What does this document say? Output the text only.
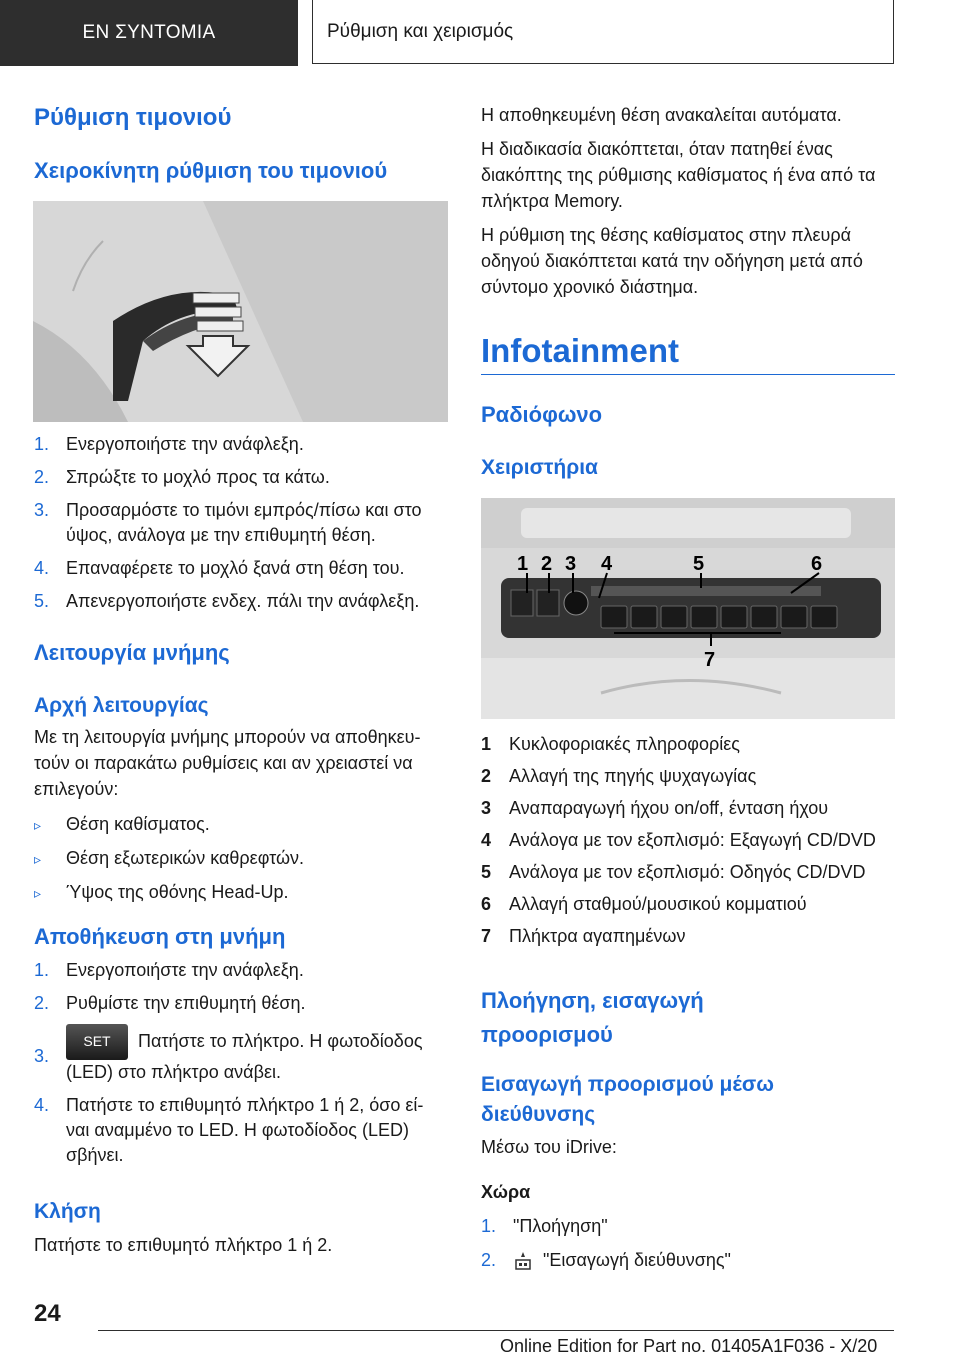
ΕΝ ΣΥΝΤΟΜΙΑ	Ρύθμιση και χειρισμός
Ρύθμιση τιμονιού
Χειροκίνητη ρύθμιση του τιμονιού
1. Ενεργοποιήστε την ανάφλεξη.
2. Σπρώξτε το μοχλό προς τα κάτω.
3. Προσαρμόστε το τιμόνι εμπρός/πίσω και στο ύψος, ανάλογα με την επιθυμητή θέση.
4. Επαναφέρετε το μοχλό ξανά στη θέση του.
5. Απενεργοποιήστε ενδεχ. πάλι την ανάφλεξη.
Λειτουργία μνήμης
Αρχή λειτουργίας
Με τη λειτουργία μνήμης μπορούν να αποθηκευ- τούν οι παρακάτω ρυθμίσεις και αν χρειαστεί να επιλεγούν:
▹ Θέση καθίσματος.
▹ Θέση εξωτερικών καθρεφτών.
▹ Ύψος της οθόνης Head-Up.
Αποθήκευση στη μνήμη
1. Ενεργοποιήστε την ανάφλεξη.
2. Ρυθμίστε την επιθυμητή θέση.
3.
SET Πατήστε το πλήκτρο. Η φωτοδίοδος (LED) στο πλήκτρο ανάβει.
4. Πατήστε το επιθυμητό πλήκτρο 1 ή 2, όσο εί- ναι αναμμένο το LED. Η φωτοδίοδος (LED) σβήνει.
Κλήση
Πατήστε το επιθυμητό πλήκτρο 1 ή 2.
Η αποθηκευμένη θέση ανακαλείται αυτόματα.
Η διαδικασία διακόπτεται, όταν πατηθεί ένας διακόπτης της ρύθμισης καθίσματος ή ένα από τα πλήκτρα Memory.
Η ρύθμιση της θέσης καθίσματος στην πλευρά οδηγού διακόπτεται κατά την οδήγηση μετά από σύντομο χρονικό διάστημα.
Infotainment
Ραδιόφωνο
Χειριστήρια
1 2 3 4	5	6
7
1 Κυκλοφοριακές πληροφορίες
2 Αλλαγή της πηγής ψυχαγωγίας
3 Αναπαραγωγή ήχου on/off, ένταση ήχου
4 Ανάλογα με τον εξοπλισμό: Εξαγωγή CD/DVD
5 Ανάλογα με τον εξοπλισμό: Οδηγός CD/DVD
6 Αλλαγή σταθμού/μουσικού κομματιού
7 Πλήκτρα αγαπημένων
Πλοήγηση, εισαγωγή προορισμού
Εισαγωγή προορισμού μέσω διεύθυνσης
Μέσω του iDrive:
Χώρα
1. "Πλοήγηση"
2.	"Εισαγωγή διεύθυνσης"
24
Online Edition for Part no. 01405A1F036 - X/20
